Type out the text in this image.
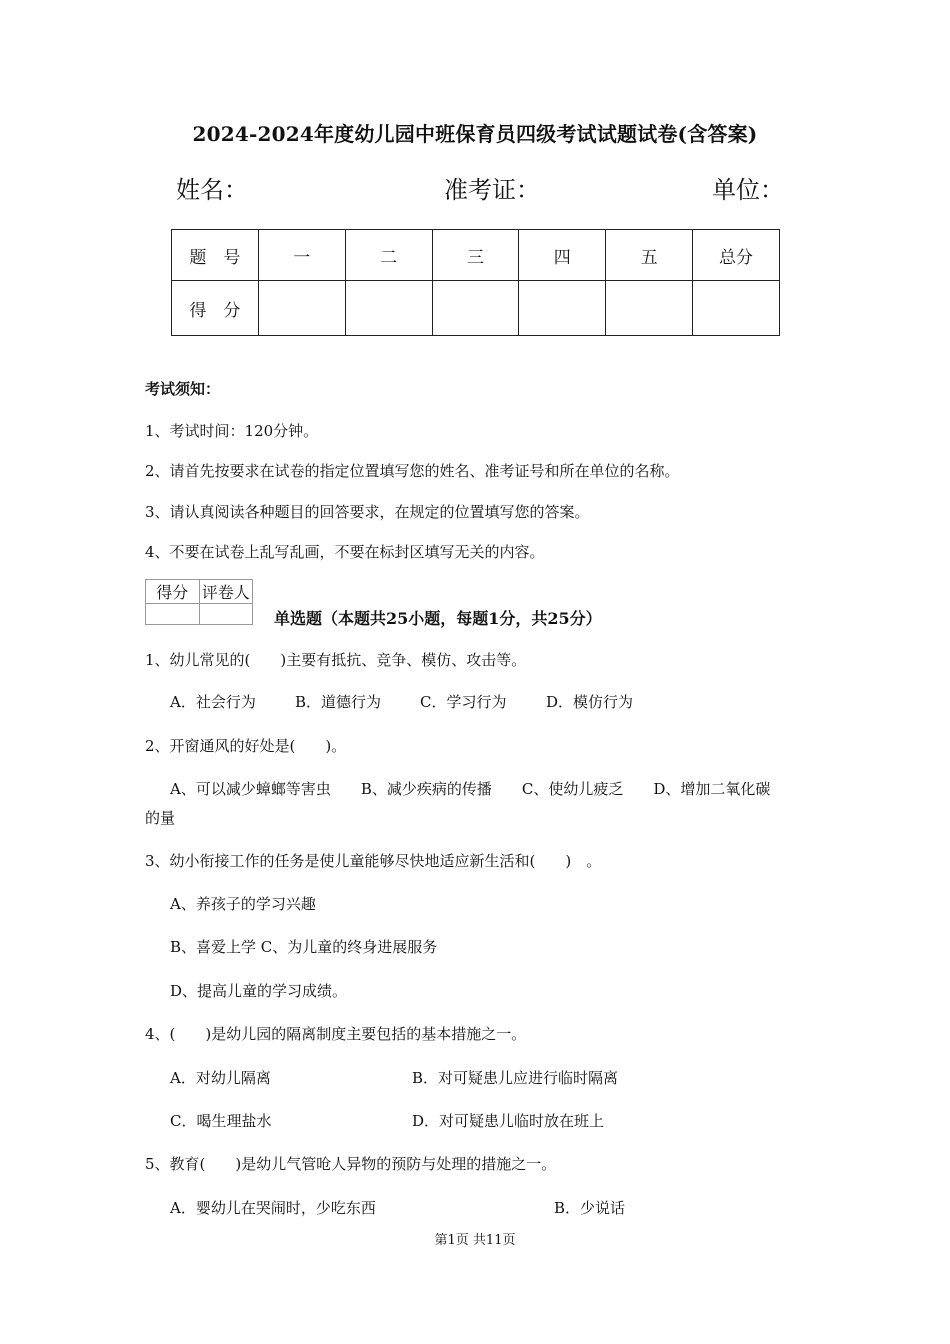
2024-2024年度幼儿园中班保育员四级考试试题试卷(含答案)
姓名：	准考证：	单位：
题　号	一	二	三	四	五	总分
得　分						
考试须知：
1、考试时间：120分钟。
2、请首先按要求在试卷的指定位置填写您的姓名、准考证号和所在单位的名称。
3、请认真阅读各种题目的回答要求，在规定的位置填写您的答案。
4、不要在试卷上乱写乱画，不要在标封区填写无关的内容。
得分	评卷人

单选题（本题共25小题，每题1分，共25分）
1、幼儿常见的(　　)主要有抵抗、竞争、模仿、攻击等。
A．社会行为	B．道德行为	C．学习行为	D．模仿行为
2、开窗通风的好处是(　　)。
A、可以减少蟑螂等害虫　　B、减少疾病的传播　　C、使幼儿疲乏　　D、增加二氧化碳
的量
3、幼小衔接工作的任务是使儿童能够尽快地适应新生活和(　　)　。
A、养孩子的学习兴趣
B、喜爱上学 C、为儿童的终身进展服务
D、提高儿童的学习成绩。
4、(　　)是幼儿园的隔离制度主要包括的基本措施之一。
A．对幼儿隔离	B．对可疑患儿应进行临时隔离
C．喝生理盐水	D．对可疑患儿临时放在班上
5、教育(　　)是幼儿气管呛人异物的预防与处理的措施之一。
A．婴幼儿在哭闹时，少吃东西	B．少说话
第1页 共11页
